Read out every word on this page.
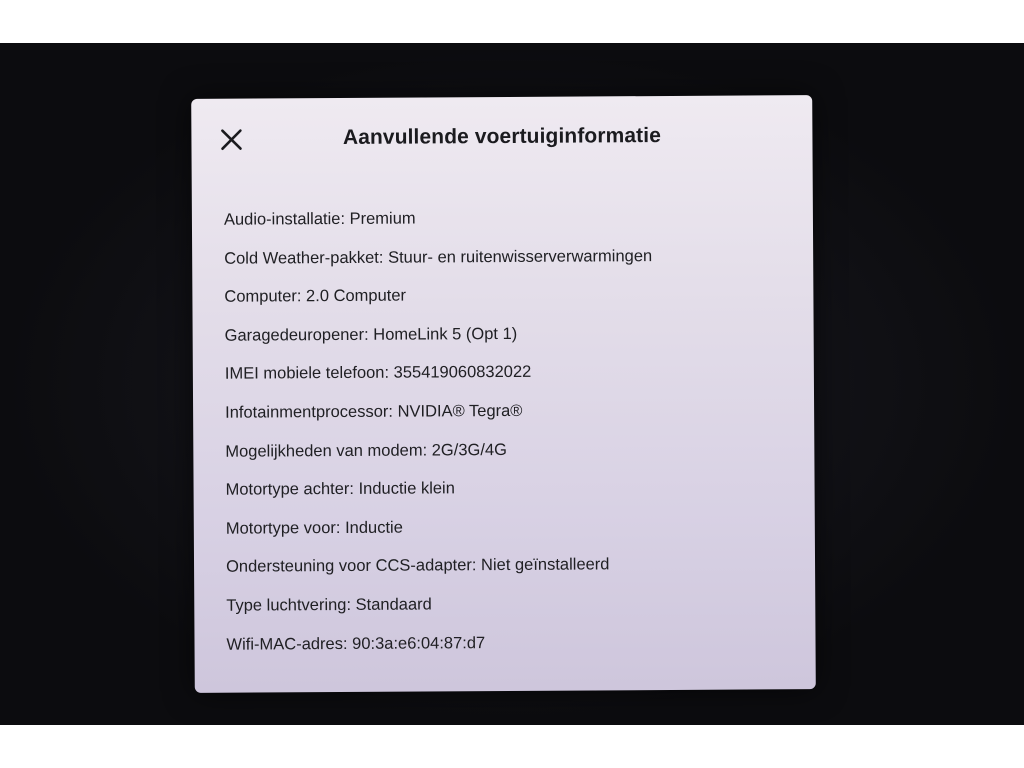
Aanvullende voertuiginformatie
Audio-installatie: Premium
Cold Weather-pakket: Stuur- en ruitenwisserverwarmingen
Computer: 2.0 Computer
Garagedeuropener: HomeLink 5 (Opt 1)
IMEI mobiele telefoon: 355419060832022
Infotainmentprocessor: NVIDIA® Tegra®
Mogelijkheden van modem: 2G/3G/4G
Motortype achter: Inductie klein
Motortype voor: Inductie
Ondersteuning voor CCS-adapter: Niet geïnstalleerd
Type luchtvering: Standaard
Wifi-MAC-adres: 90:3a:e6:04:87:d7
